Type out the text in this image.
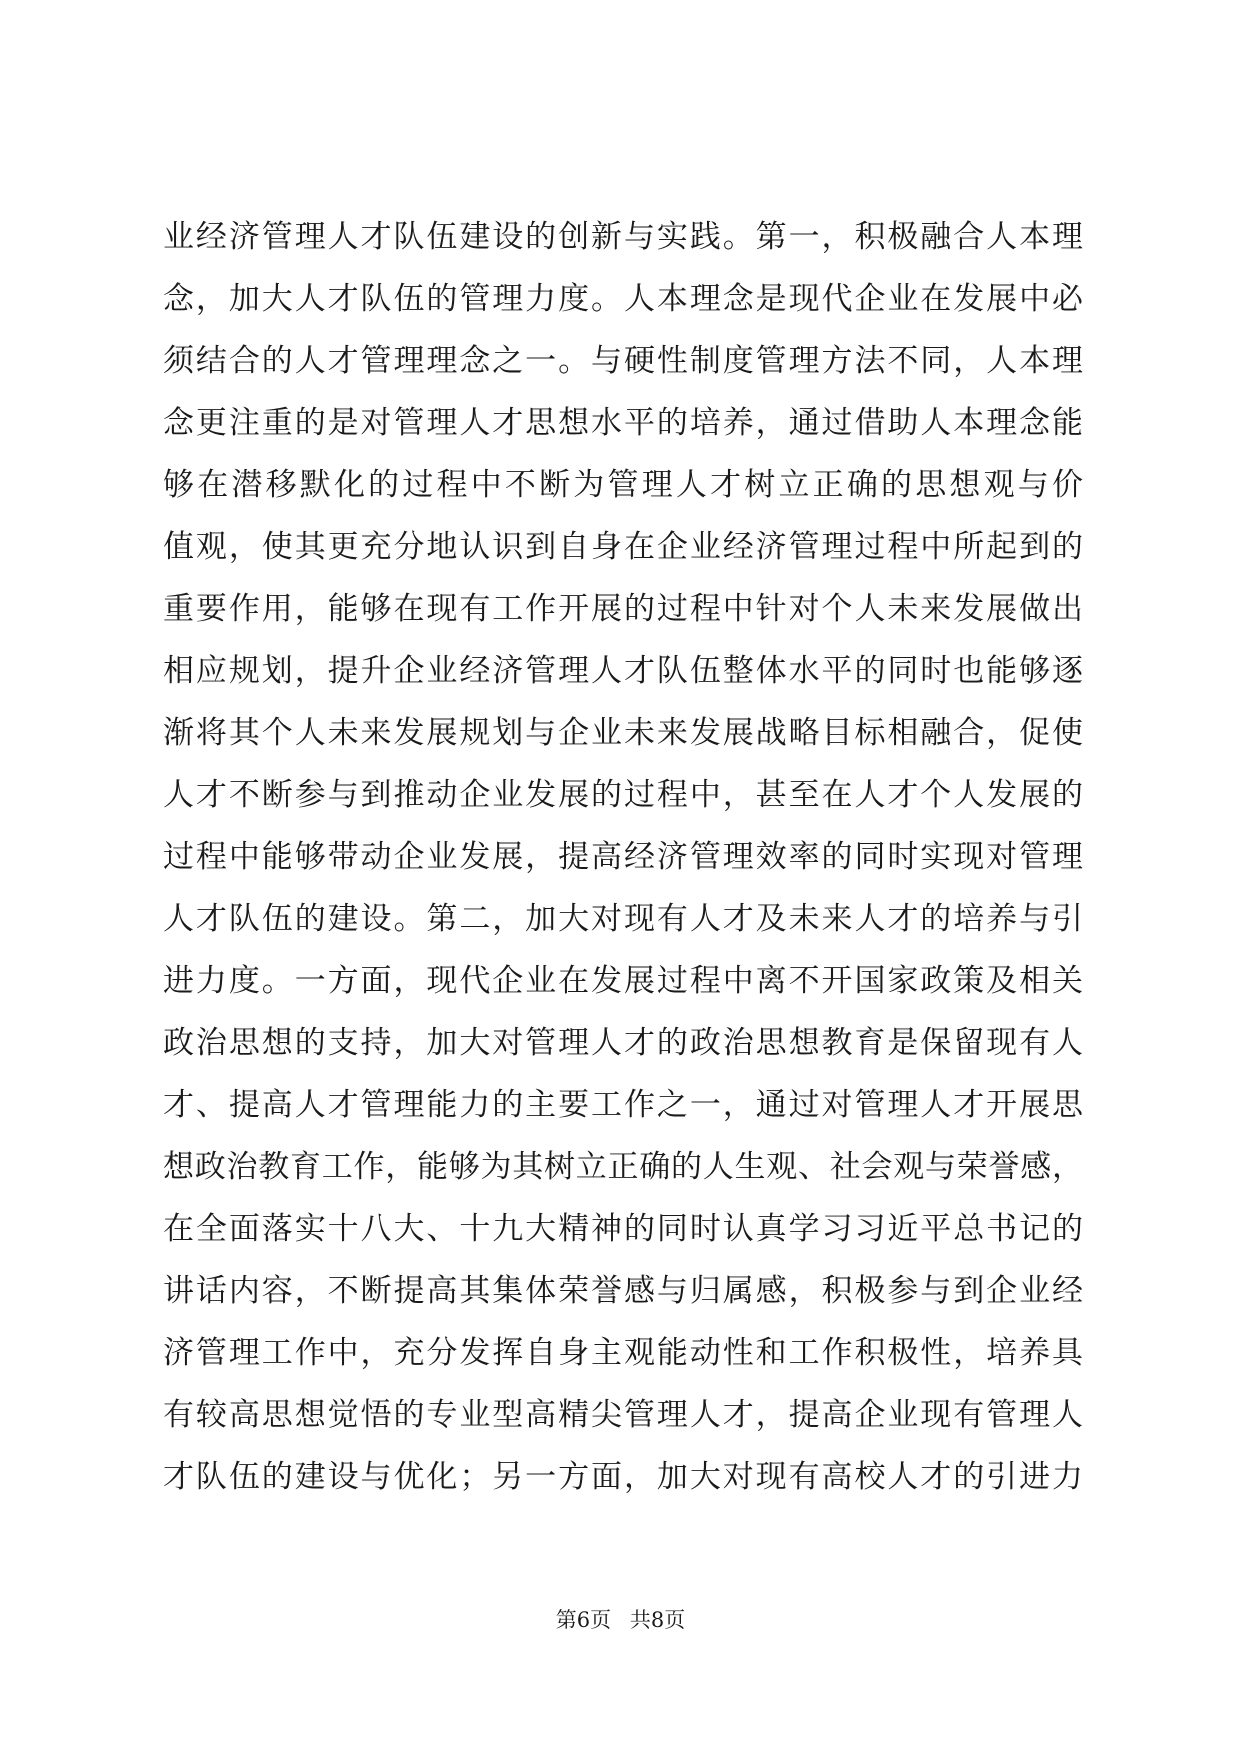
业经济管理人才队伍建设的创新与实践。第一，积极融合人本理
念，加大人才队伍的管理力度。人本理念是现代企业在发展中必
须结合的人才管理理念之一。与硬性制度管理方法不同，人本理
念更注重的是对管理人才思想水平的培养，通过借助人本理念能
够在潜移默化的过程中不断为管理人才树立正确的思想观与价
值观，使其更充分地认识到自身在企业经济管理过程中所起到的
重要作用，能够在现有工作开展的过程中针对个人未来发展做出
相应规划，提升企业经济管理人才队伍整体水平的同时也能够逐
渐将其个人未来发展规划与企业未来发展战略目标相融合，促使
人才不断参与到推动企业发展的过程中，甚至在人才个人发展的
过程中能够带动企业发展，提高经济管理效率的同时实现对管理
人才队伍的建设。第二，加大对现有人才及未来人才的培养与引
进力度。一方面，现代企业在发展过程中离不开国家政策及相关
政治思想的支持，加大对管理人才的政治思想教育是保留现有人
才、提高人才管理能力的主要工作之一，通过对管理人才开展思
想政治教育工作，能够为其树立正确的人生观、社会观与荣誉感，
在全面落实十八大、十九大精神的同时认真学习习近平总书记的
讲话内容，不断提高其集体荣誉感与归属感，积极参与到企业经
济管理工作中，充分发挥自身主观能动性和工作积极性，培养具
有较高思想觉悟的专业型高精尖管理人才，提高企业现有管理人
才队伍的建设与优化；另一方面，加大对现有高校人才的引进力
第6页 共8页
